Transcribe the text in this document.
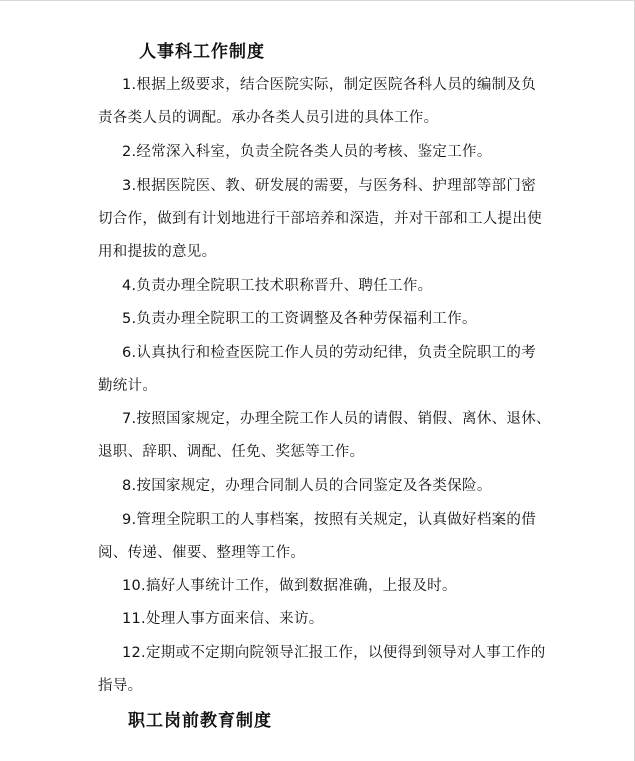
人事科工作制度
1.根据上级要求，结合医院实际，制定医院各科人员的编制及负
责各类人员的调配。承办各类人员引进的具体工作。
2.经常深入科室，负责全院各类人员的考核、鉴定工作。
3.根据医院医、教、研发展的需要，与医务科、护理部等部门密
切合作，做到有计划地进行干部培养和深造，并对干部和工人提出使
用和提拔的意见。
4.负责办理全院职工技术职称晋升、聘任工作。
5.负责办理全院职工的工资调整及各种劳保福利工作。
6.认真执行和检查医院工作人员的劳动纪律，负责全院职工的考
勤统计。
7.按照国家规定，办理全院工作人员的请假、销假、离休、退休、
退职、辞职、调配、任免、奖惩等工作。
8.按国家规定，办理合同制人员的合同鉴定及各类保险。
9.管理全院职工的人事档案，按照有关规定，认真做好档案的借
阅、传递、催要、整理等工作。
10.搞好人事统计工作，做到数据准确，上报及时。
11.处理人事方面来信、来访。
12.定期或不定期向院领导汇报工作，以便得到领导对人事工作的
指导。
职工岗前教育制度
